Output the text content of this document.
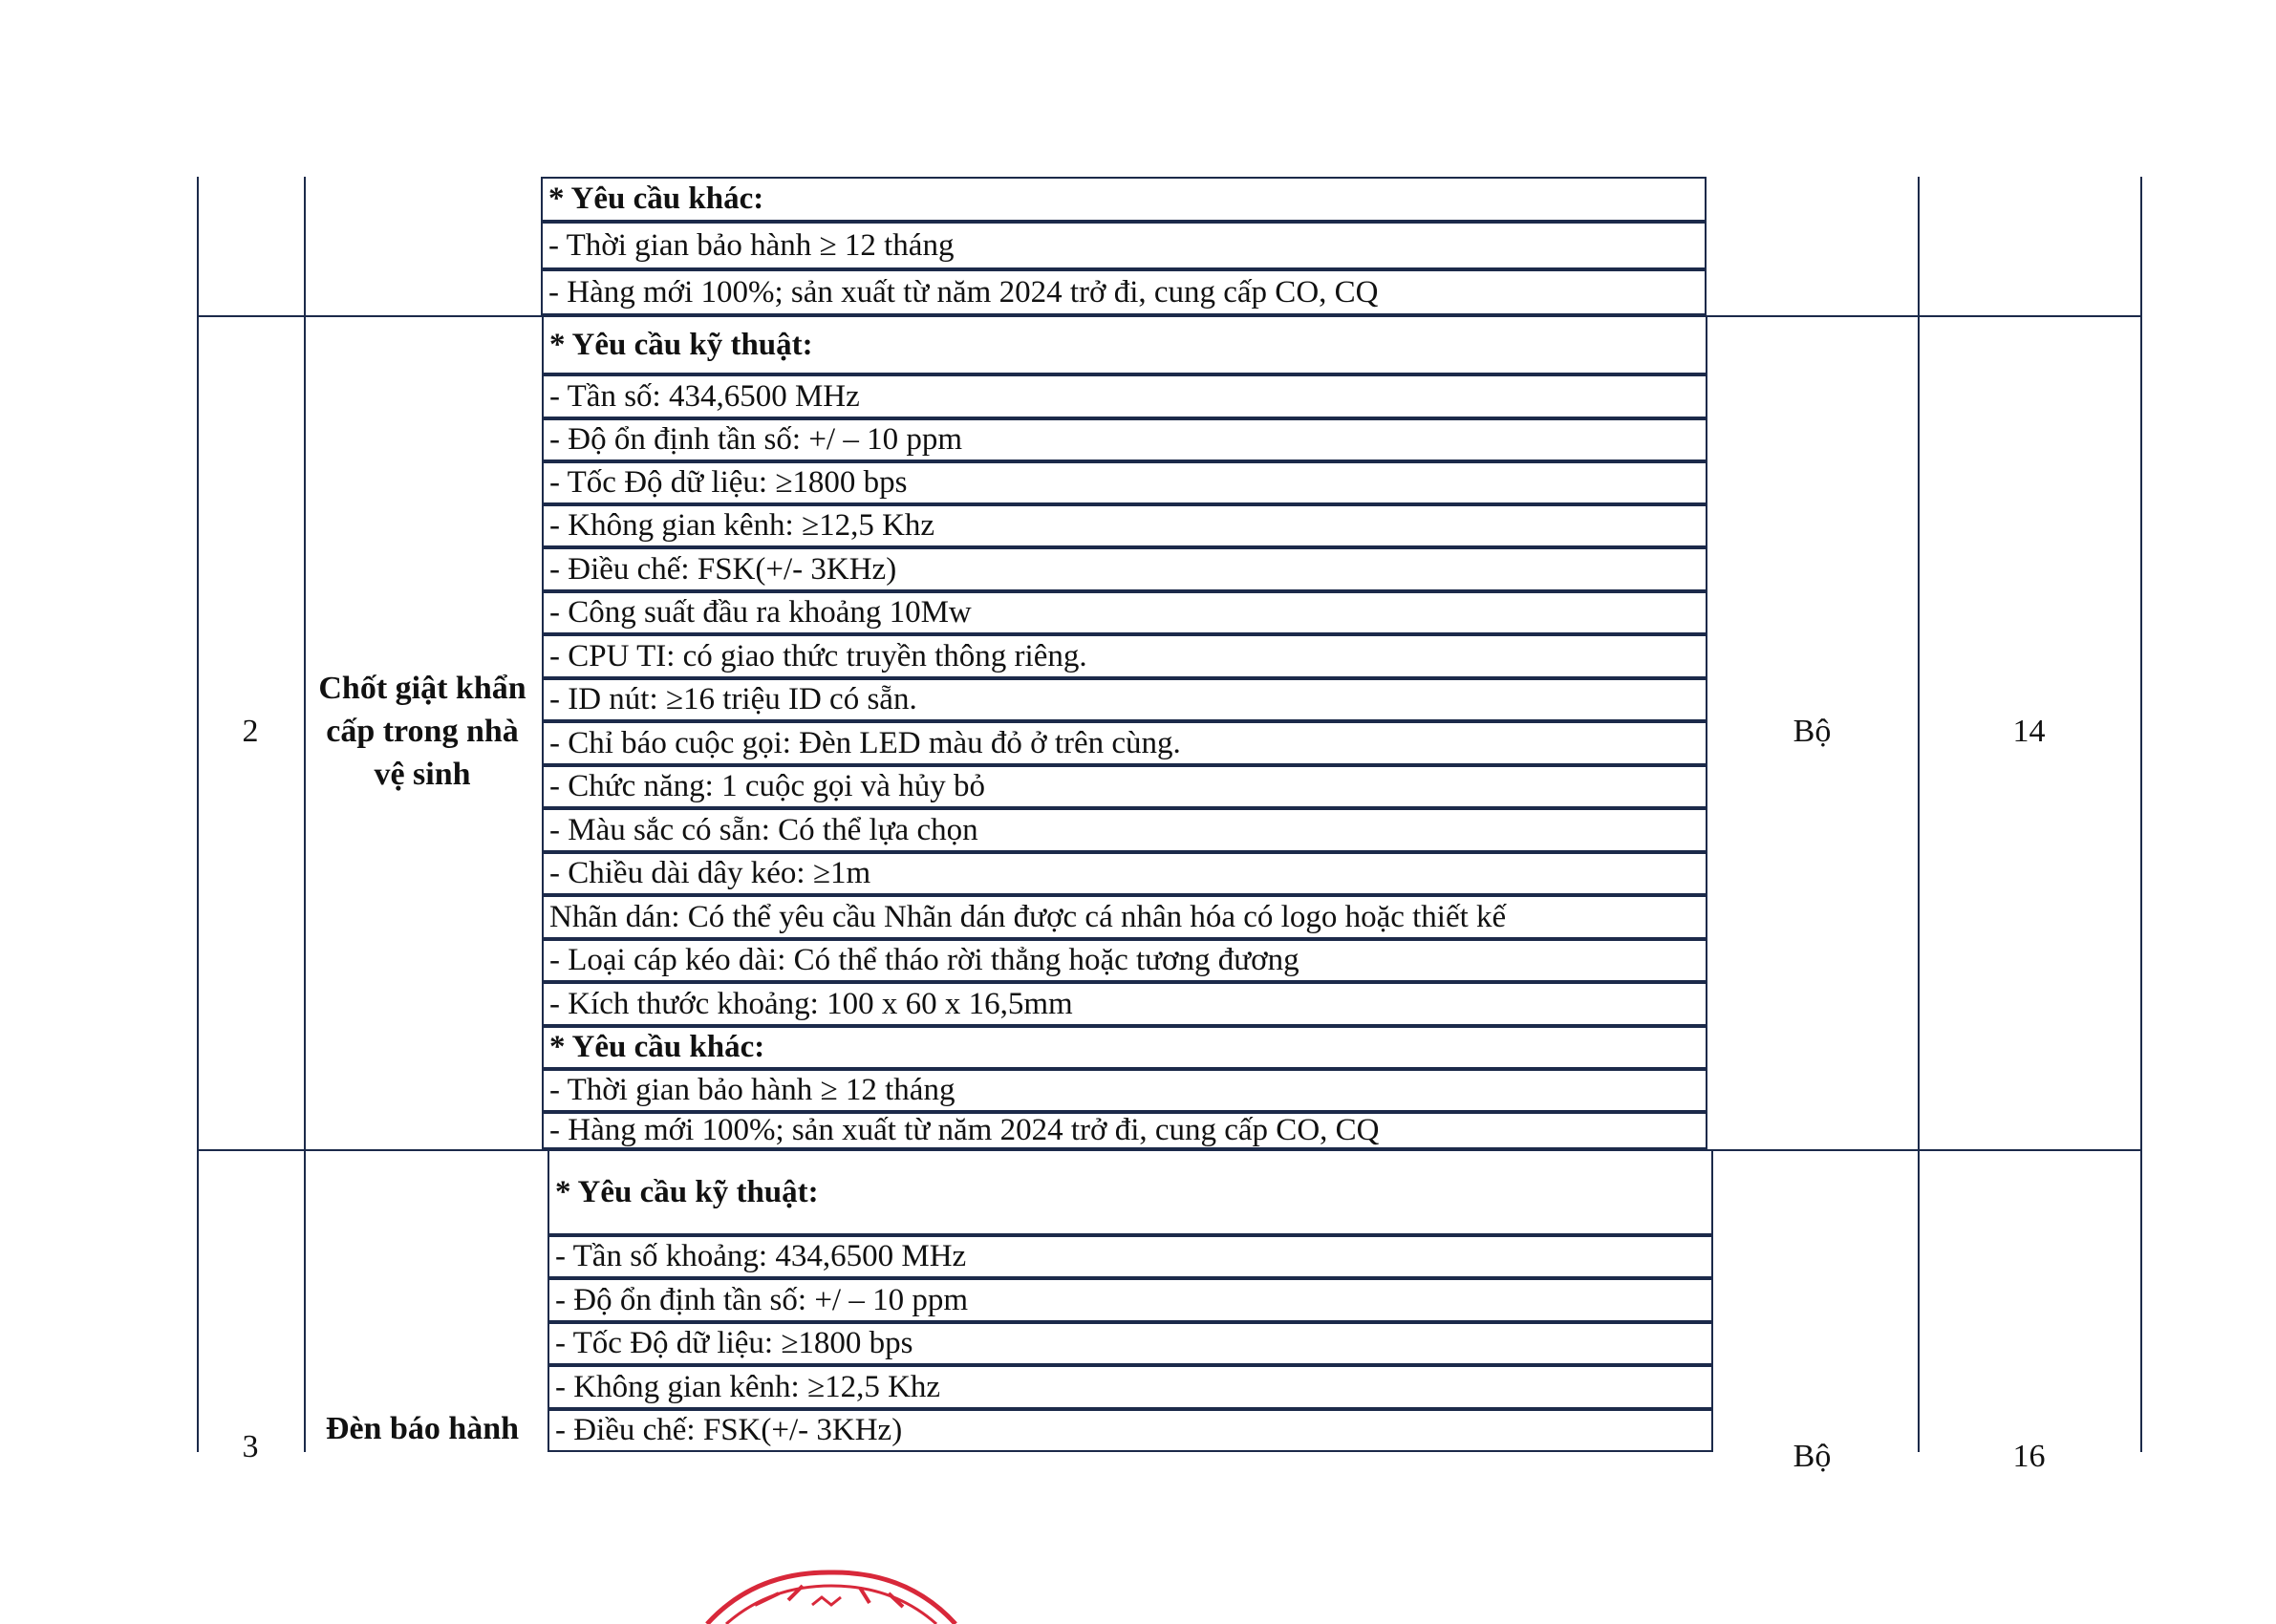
* Yêu cầu khác:
- Thời gian bảo hành ≥ 12 tháng
- Hàng mới 100%; sản xuất từ năm 2024 trở đi, cung cấp CO, CQ
2
Chốt giật khẩn cấp trong nhà vệ sinh
Bộ	14
* Yêu cầu kỹ thuật:
- Tần số: 434,6500 MHz
- Độ ổn định tần số: +/ – 10 ppm
- Tốc Độ dữ liệu: ≥1800 bps
- Không gian kênh: ≥12,5 Khz
- Điều chế: FSK(+/- 3KHz)
- Công suất đầu ra khoảng 10Mw
- CPU TI: có giao thức truyền thông riêng.
- ID nút: ≥16 triệu ID có sẵn.
- Chỉ báo cuộc gọi: Đèn LED màu đỏ ở trên cùng.
- Chức năng: 1 cuộc gọi và hủy bỏ
- Màu sắc có sẵn: Có thể lựa chọn
- Chiều dài dây kéo: ≥1m
Nhãn dán: Có thể yêu cầu Nhãn dán được cá nhân hóa có logo hoặc thiết kế
- Loại cáp kéo dài: Có thể tháo rời thẳng hoặc tương đương
- Kích thước khoảng: 100 x 60 x 16,5mm
* Yêu cầu khác:
- Thời gian bảo hành ≥ 12 tháng
- Hàng mới 100%; sản xuất từ năm 2024 trở đi, cung cấp CO, CQ
3
Đèn báo hành
Bộ	16
* Yêu cầu kỹ thuật:
- Tần số khoảng: 434,6500 MHz
- Độ ổn định tần số: +/ – 10 ppm
- Tốc Độ dữ liệu: ≥1800 bps
- Không gian kênh: ≥12,5 Khz
- Điều chế: FSK(+/- 3KHz)
